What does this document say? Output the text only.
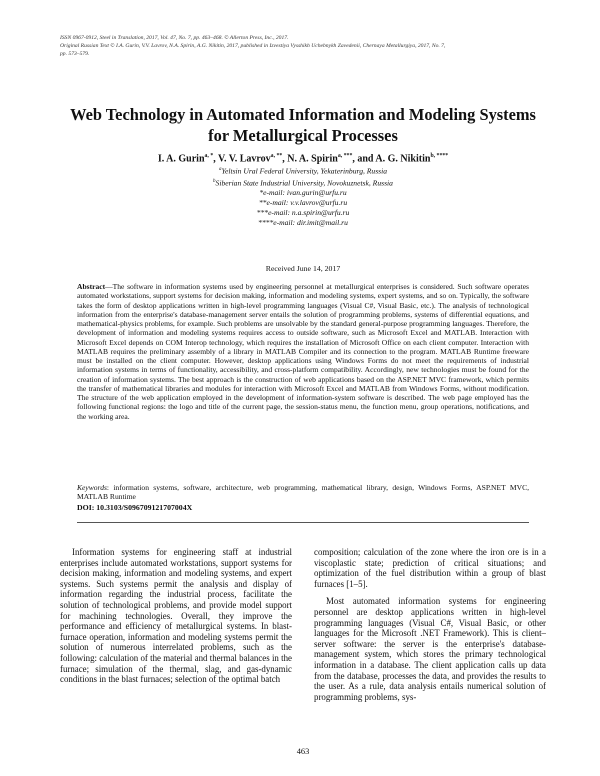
ISSN 0967-0912, Steel in Translation, 2017, Vol. 47, No. 7, pp. 463–468. © Allerton Press, Inc., 2017.
Original Russian Text © I.A. Gurin, V.V. Lavrov, N.A. Spirin, A.G. Nikitin, 2017, published in Izvestiya Vysshikh Uchebnykh Zavedenii, Chernaya Metallurgiya, 2017, No. 7,
pp. 573–579.
Web Technology in Automated Information and Modeling Systems
for Metallurgical Processes
I. A. Gurin$^{a, *}$, V. V. Lavrov$^{a, **}$, N. A. Spirin$^{a, ***}$, and A. G. Nikitin$^{b, ****}$
$^a$Yeltsin Ural Federal University, Yekaterinburg, Russia
$^b$Siberian State Industrial University, Novokuznetsk, Russia
*e-mail: ivan.gurin@urfu.ru
**e-mail: v.v.lavrov@urfu.ru
***e-mail: n.a.spirin@urfu.ru
****e-mail: dir.imit@mail.ru
Received June 14, 2017
Abstract—The software in information systems used by engineering personnel at metallurgical enterprises is considered. Such software operates automated workstations, support systems for decision making, information and modeling systems, expert systems, and so on. Typically, the software takes the form of desktop applications written in high-level programming languages (Visual C#, Visual Basic, etc.). The analysis of technological information from the enterprise's database-management server entails the solution of programming problems, systems of differential equations, and mathematical-physics problems, for example. Such problems are unsolvable by the standard general-purpose programming languages. Therefore, the development of information and modeling systems requires access to outside software, such as Microsoft Excel and MATLAB. Interaction with Microsoft Excel depends on COM Interop technology, which requires the installation of Microsoft Office on each client computer. Interaction with MATLAB requires the preliminary assembly of a library in MATLAB Compiler and its connection to the program. MATLAB Runtime freeware must be installed on the client computer. However, desktop applications using Windows Forms do not meet the requirements of industrial information systems in terms of functionality, accessibility, and cross-platform compatibility. Accordingly, new technologies must be found for the creation of information systems. The best approach is the construction of web applications based on the ASP.NET MVC framework, which permits the transfer of mathematical libraries and modules for interaction with Microsoft Excel and MATLAB from Windows Forms, without modification. The structure of the web application employed in the development of information-system software is described. The web page employed has the following functional regions: the logo and title of the current page, the session-status menu, the function menu, group operations, notifications, and the working area.
Keywords: information systems, software, architecture, web programming, mathematical library, design, Windows Forms, ASP.NET MVC, MATLAB Runtime
DOI: 10.3103/S096709121707004X

Information systems for engineering staff at industrial enterprises include automated workstations, support systems for decision making, information and modeling systems, and expert systems. Such systems permit the analysis and display of information regarding the industrial process, facilitate the solution of technological problems, and provide model support for machining technologies. Overall, they improve the performance and efficiency of metallurgical systems. In blast-furnace operation, information and modeling systems permit the solution of numerous interrelated problems, such as the following: calculation of the material and thermal balances in the furnace; simulation of the thermal, slag, and gas-dynamic conditions in the blast furnaces; selection of the optimal batch

composition; calculation of the zone where the iron ore is in a viscoplastic state; prediction of critical situations; and optimization of the fuel distribution within a group of blast furnaces [1–5].

Most automated information systems for engineering personnel are desktop applications written in high-level programming languages (Visual C#, Visual Basic, or other languages for the Microsoft .NET Framework). This is client–server software: the server is the enterprise's database-management system, which stores the primary technological information in a database. The client application calls up data from the database, processes the data, and provides the results to the user. As a rule, data analysis entails numerical solution of programming problems, sys-

463
